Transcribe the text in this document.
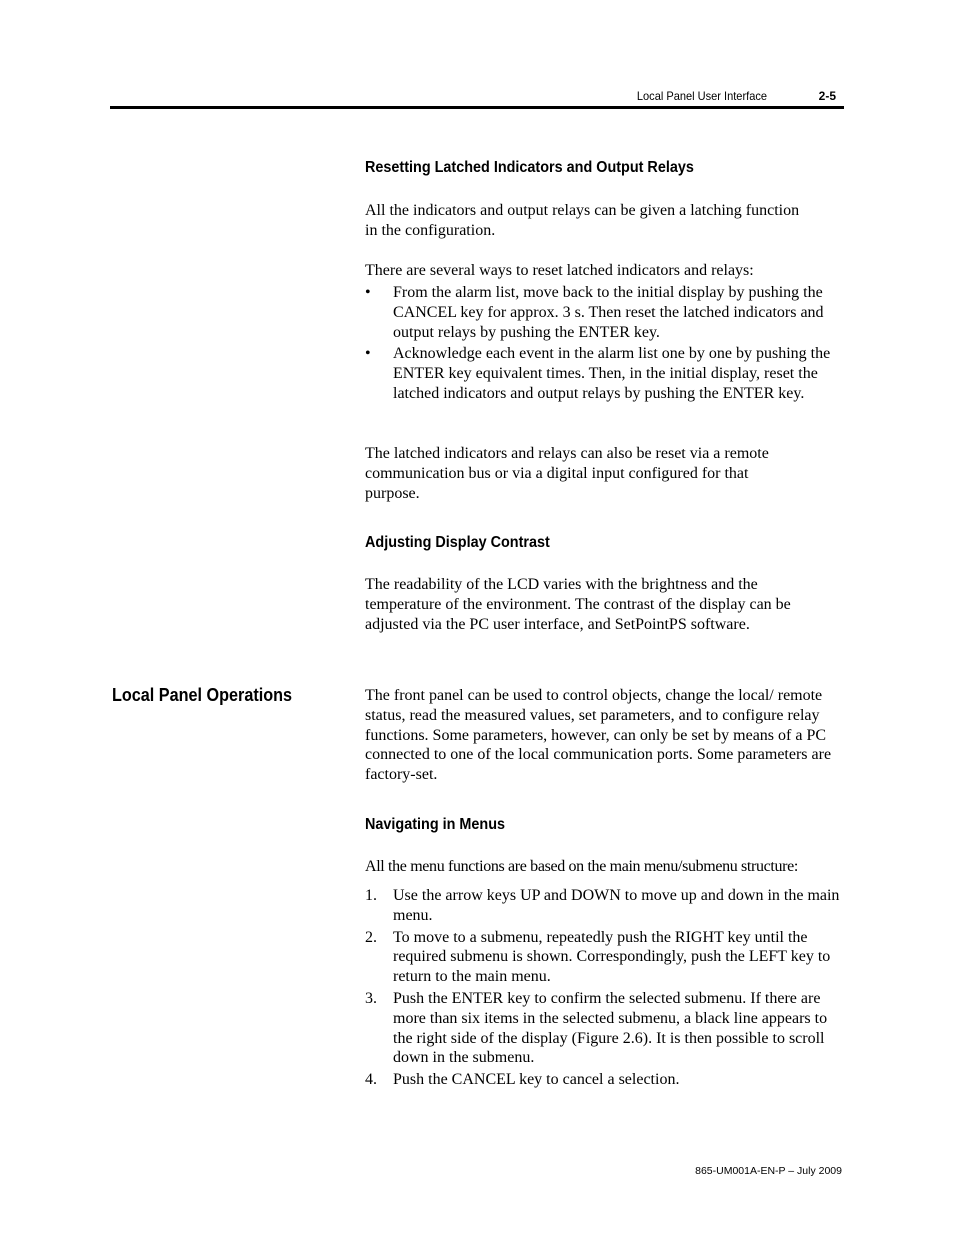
Local Panel User Interface	2-5
Resetting Latched Indicators and Output Relays

All the indicators and output relays can be given a latching function in the configuration.

There are several ways to reset latched indicators and relays:

• From the alarm list, move back to the initial display by pushing the CANCEL key for approx. 3 s. Then reset the latched indicators and output relays by pushing the ENTER key.
• Acknowledge each event in the alarm list one by one by pushing the ENTER key equivalent times. Then, in the initial display, reset the latched indicators and output relays by pushing the ENTER key.

The latched indicators and relays can also be reset via a remote communication bus or via a digital input configured for that purpose.

Adjusting Display Contrast

The readability of the LCD varies with the brightness and the temperature of the environment. The contrast of the display can be adjusted via the PC user interface, and SetPointPS software.

The front panel can be used to control objects, change the local/ remote status, read the measured values, set parameters, and to configure relay functions. Some parameters, however, can only be set by means of a PC connected to one of the local communication ports. Some parameters are factory-set.

Navigating in Menus

All the menu functions are based on the main menu/submenu structure:

1. Use the arrow keys UP and DOWN to move up and down in the main menu.
2. To move to a submenu, repeatedly push the RIGHT key until the required submenu is shown. Correspondingly, push the LEFT key to return to the main menu.
3. Push the ENTER key to confirm the selected submenu. If there are more than six items in the selected submenu, a black line appears to the right side of the display (Figure 2.6). It is then possible to scroll down in the submenu.
4. Push the CANCEL key to cancel a selection.
Local Panel Operations
865-UM001A-EN-P – July 2009
